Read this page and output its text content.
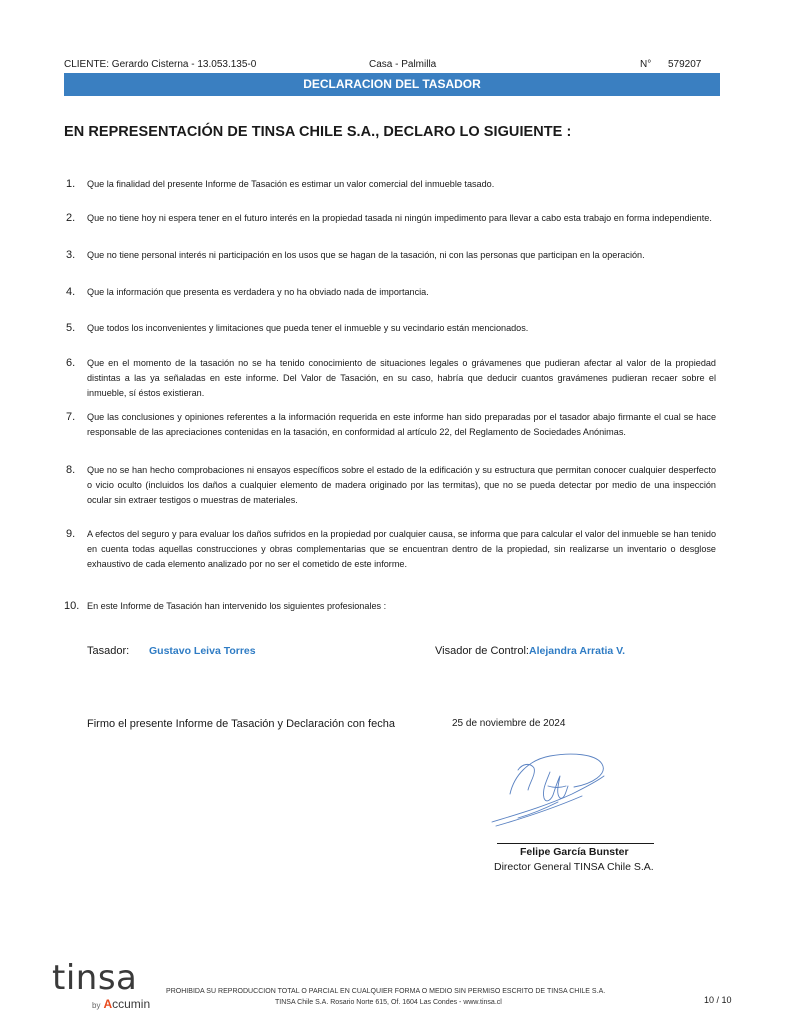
CLIENTE: Gerardo Cisterna - 13.053.135-0	Casa - Palmilla	N° 579207
DECLARACION DEL TASADOR
EN REPRESENTACIÓN DE TINSA CHILE S.A., DECLARO LO SIGUIENTE :
1. Que la finalidad del presente Informe de Tasación es estimar un valor comercial del inmueble tasado.
2. Que no tiene hoy ni espera tener en el futuro interés en la propiedad tasada ni ningún impedimento para llevar a cabo esta trabajo en forma independiente.
3. Que no tiene personal interés ni participación en los usos que se hagan de la tasación, ni con las personas que participan en la operación.
4. Que la información que presenta es verdadera y no ha obviado nada de importancia.
5. Que todos los inconvenientes y limitaciones que pueda tener el inmueble y su vecindario están mencionados.
6. Que en el momento de la tasación no se ha tenido conocimiento de situaciones legales o grávamenes que pudieran afectar al valor de la propiedad distintas a las ya señaladas en este informe. Del Valor de Tasación, en su caso, habría que deducir cuantos gravámenes pudieran recaer sobre el inmueble, sí éstos existieran.
7. Que las conclusiones y opiniones referentes a la información requerida en este informe han sido preparadas por el tasador abajo firmante el cual se hace responsable de las apreciaciones contenidas en la tasación, en conformidad al artículo 22, del Reglamento de Sociedades Anónimas.
8. Que no se han hecho comprobaciones ni ensayos específicos sobre el estado de la edificación y su estructura que permitan conocer cualquier desperfecto o vicio oculto (incluidos los daños a cualquier elemento de madera originado por las termitas), que no se pueda detectar por medio de una inspección ocular sin extraer testigos o muestras de materiales.
9. A efectos del seguro y para evaluar los daños sufridos en la propiedad por cualquier causa, se informa que para calcular el valor del inmueble se han tenido en cuenta todas aquellas construcciones y obras complementarias que se encuentran dentro de la propiedad, sin realizarse un inventario o desglose exhaustivo de cada elemento analizado por no ser el cometido de este informe.
10. En este Informe de Tasación han intervenido los siguientes profesionales :
Tasador: Gustavo Leiva Torres	Visador de Control: Alejandra Arratia V.
Firmo el presente Informe de Tasación y Declaración con fecha	25 de noviembre de 2024
Felipe García Bunster
Director General TINSA Chile S.A.
tinsa
by Accumin
PROHIBIDA SU REPRODUCCION TOTAL O PARCIAL EN CUALQUIER FORMA O MEDIO SIN PERMISO ESCRITO DE TINSA CHILE S.A.
TINSA Chile S.A. Rosario Norte 615, Of. 1604 Las Condes - www.tinsa.cl	10 / 10
